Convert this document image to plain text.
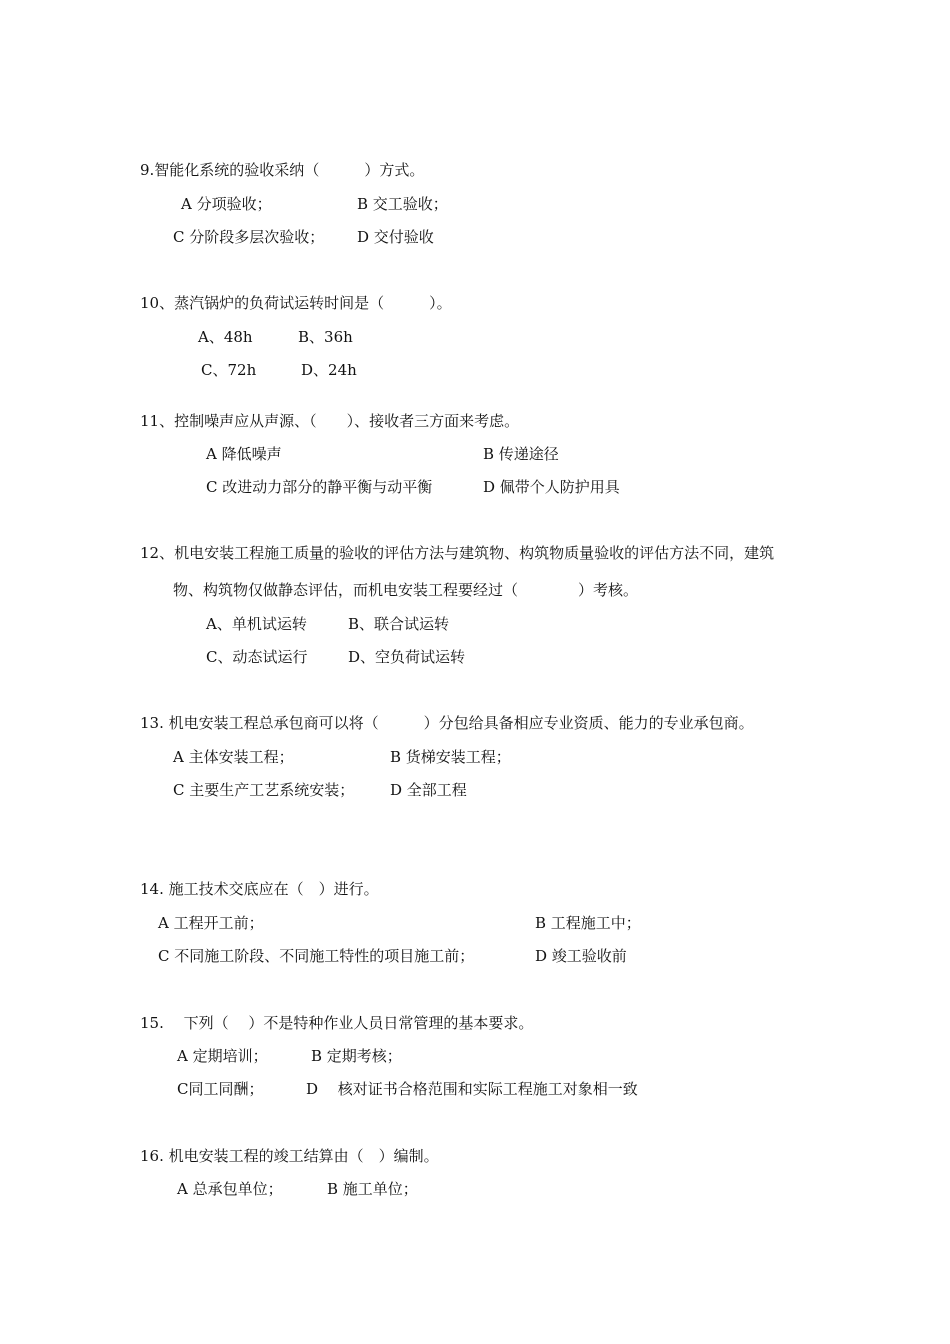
9.智能化系统的验收采纳（　　　）方式。
A 分项验收；	B 交工验收；
C 分阶段多层次验收； D 交付验收
10、蒸汽锅炉的负荷试运转时间是（　　　）。
A、48h	B、36h
C、72h	D、24h
11、控制噪声应从声源、（　　）、接收者三方面来考虑。
A 降低噪声	B 传递途径
C 改进动力部分的静平衡与动平衡	D 佩带个人防护用具
12、机电安装工程施工质量的验收的评估方法与建筑物、构筑物质量验收的评估方法不同，建筑
物、构筑物仅做静态评估，而机电安装工程要经过（　　　　）考核。
A、单机试运转	B、联合试运转
C、动态试运行	D、空负荷试运转
13. 机电安装工程总承包商可以将（　　　）分包给具备相应专业资质、能力的专业承包商。
A 主体安装工程；	B 货梯安装工程；
C 主要生产工艺系统安装； D 全部工程
14. 施工技术交底应在（　）进行。
A 工程开工前；	B 工程施工中；
C 不同施工阶段、不同施工特性的项目施工前；	D 竣工验收前
15.　 下列（　 ）不是特种作业人员日常管理的基本要求。
A 定期培训；	B 定期考核；
C同工同酬；	D　 核对证书合格范围和实际工程施工对象相一致
16. 机电安装工程的竣工结算由（　）编制。
A 总承包单位；	B 施工单位；
